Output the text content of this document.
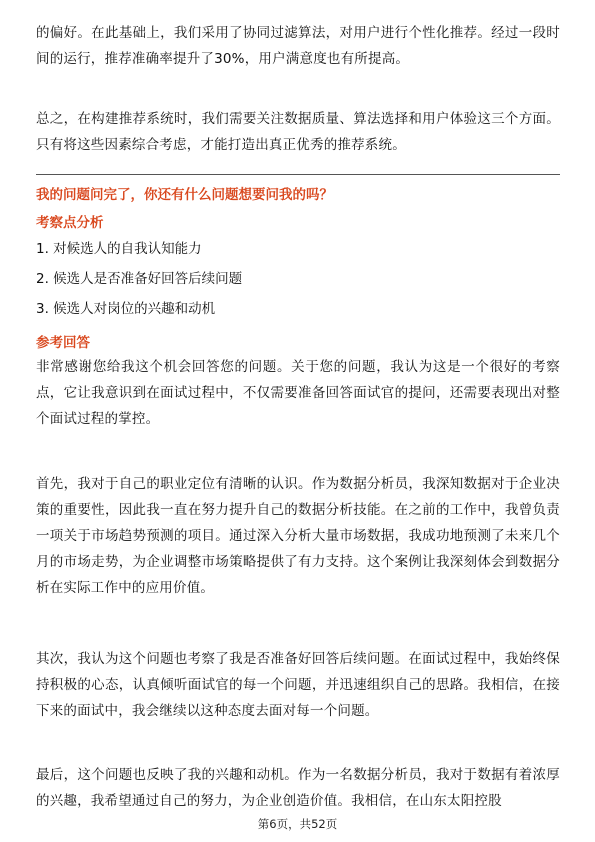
的偏好。在此基础上，我们采用了协同过滤算法，对用户进行个性化推荐。经过一段时间的运行，推荐准确率提升了30%，用户满意度也有所提高。
总之，在构建推荐系统时，我们需要关注数据质量、算法选择和用户体验这三个方面。只有将这些因素综合考虑，才能打造出真正优秀的推荐系统。
我的问题问完了，你还有什么问题想要问我的吗？
考察点分析
1. 对候选人的自我认知能力
2. 候选人是否准备好回答后续问题
3. 候选人对岗位的兴趣和动机
参考回答
非常感谢您给我这个机会回答您的问题。关于您的问题，我认为这是一个很好的考察点，它让我意识到在面试过程中，不仅需要准备回答面试官的提问，还需要表现出对整个面试过程的掌控。
首先，我对于自己的职业定位有清晰的认识。作为数据分析员，我深知数据对于企业决策的重要性，因此我一直在努力提升自己的数据分析技能。在之前的工作中，我曾负责一项关于市场趋势预测的项目。通过深入分析大量市场数据，我成功地预测了未来几个月的市场走势，为企业调整市场策略提供了有力支持。这个案例让我深刻体会到数据分析在实际工作中的应用价值。
其次，我认为这个问题也考察了我是否准备好回答后续问题。在面试过程中，我始终保持积极的心态，认真倾听面试官的每一个问题，并迅速组织自己的思路。我相信，在接下来的面试中，我会继续以这种态度去面对每一个问题。
最后，这个问题也反映了我的兴趣和动机。作为一名数据分析员，我对于数据有着浓厚的兴趣，我希望通过自己的努力，为企业创造价值。我相信，在山东太阳控股
第6页，共52页
